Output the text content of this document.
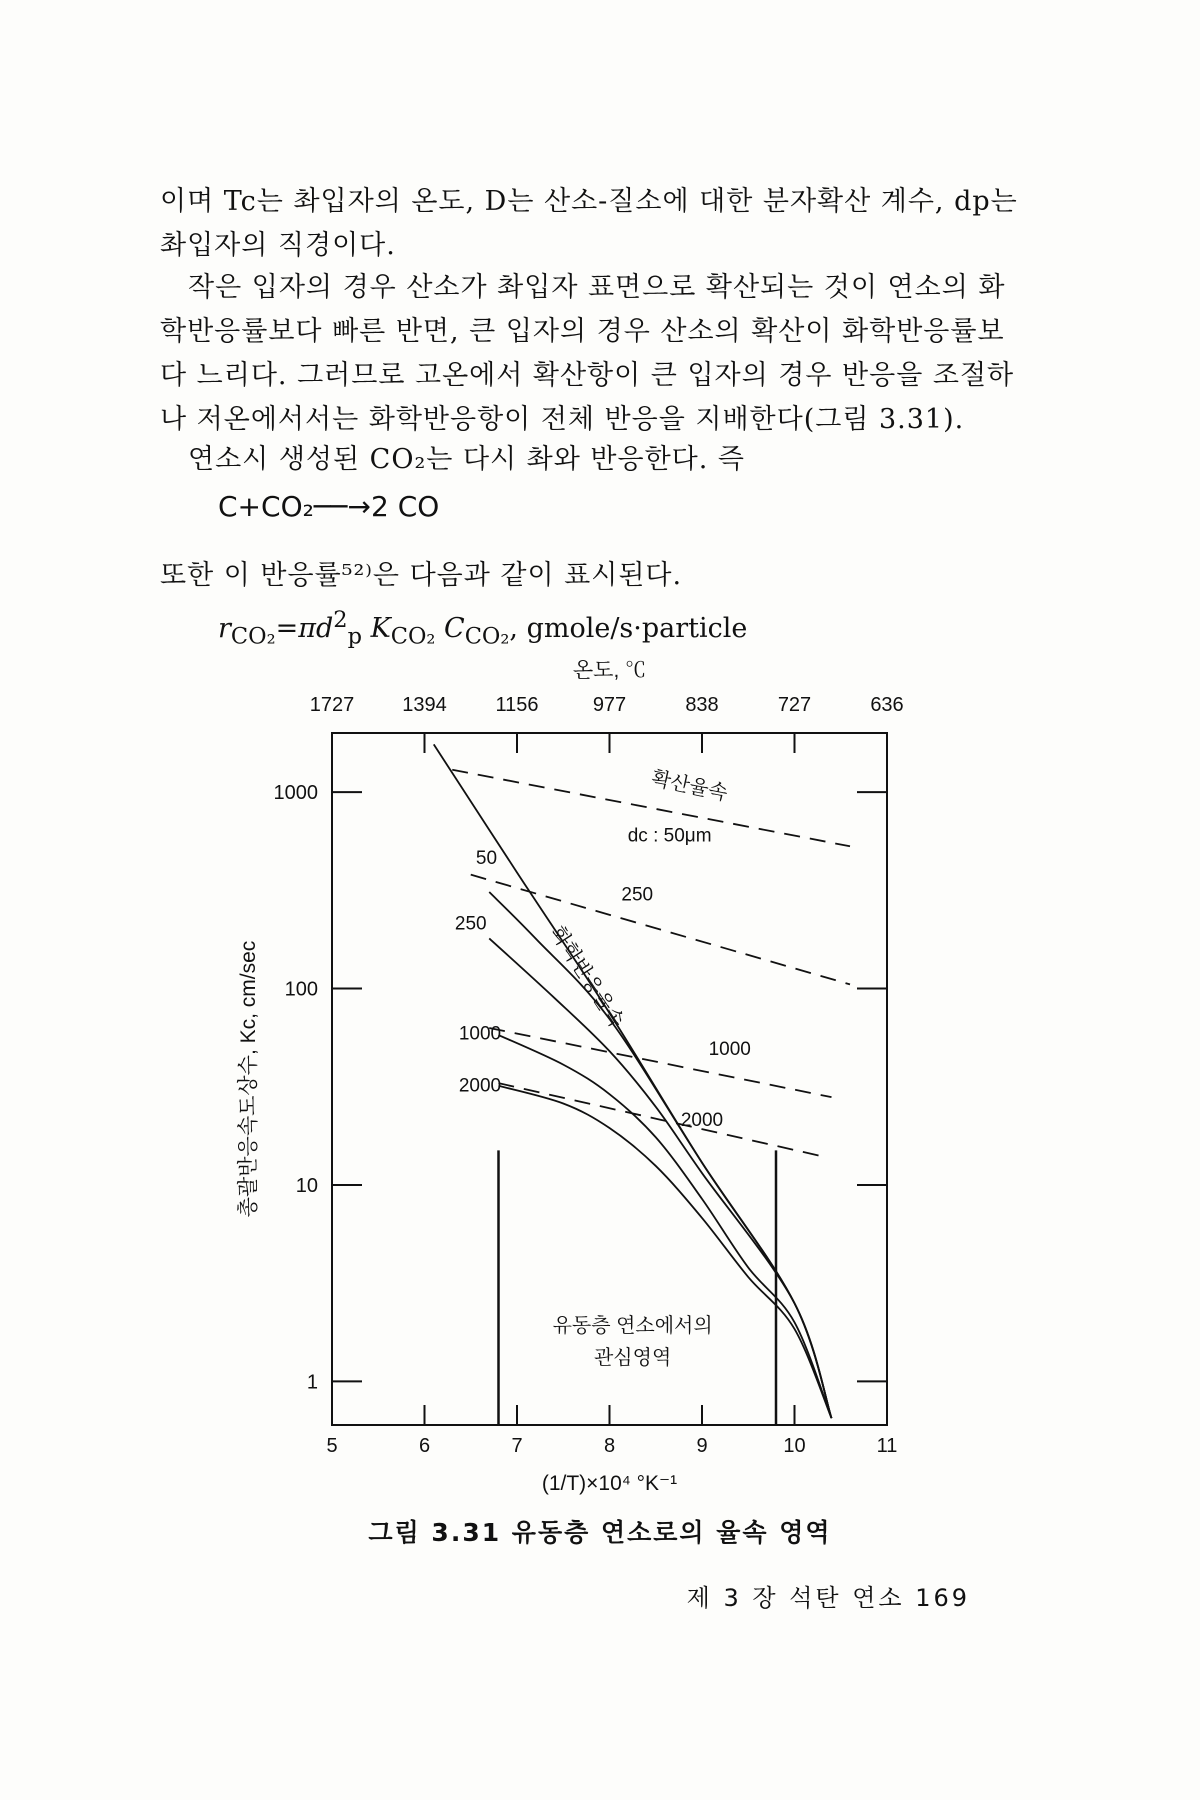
이며 Tc는 촤입자의 온도, D는 산소-질소에 대한 분자확산 계수, dp는 촤입자의 직경이다.
작은 입자의 경우 산소가 촤입자 표면으로 확산되는 것이 연소의 화학반응률보다 빠른 반면, 큰 입자의 경우 산소의 확산이 화학반응률보다 느리다. 그러므로 고온에서 확산항이 큰 입자의 경우 반응을 조절하나 저온에서서는 화학반응항이 전체 반응을 지배한다(그림 3.31).
연소시 생성된 CO₂는 다시 촤와 반응한다. 즉
C+CO₂──→2 CO
또한 이 반응률⁵²⁾은 다음과 같이 표시된다.
$r_{CO_2}=\pi d^2_p$ $K_{CO_2}$ $C_{CO_2}$, gmole/s·particle
1727 1394 1156	977	838	727	636
온도, ℃
5	6	7	8	9	10	11
(1/T)×10⁴ °K⁻¹
1
10
100
1000
총괄반응속도상수, Kc, cm/sec
유동층 연소에서의
관심영역
확산율속
dc : 50μm
250
1000
2000
50
250
1000
2000
화학반응율속
그림 3.31 유동층 연소로의 율속 영역
제 3 장 석탄 연소 169
